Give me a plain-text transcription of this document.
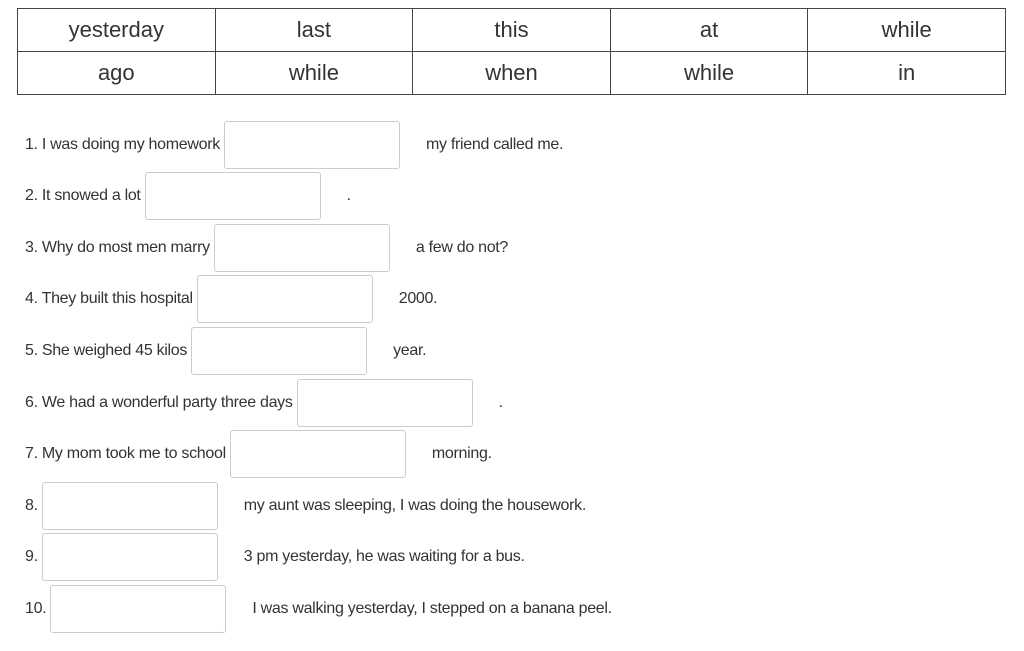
yesterday	last	this	at	while
ago	while	when	while	in
1. I was doing my homework	my friend called me.
2. It snowed a lot	.
3. Why do most men marry	a few do not?
4. They built this hospital	2000.
5. She weighed 45 kilos	year.
6. We had a wonderful party three days	.
7. My mom took me to school	morning.
8.	my aunt was sleeping, I was doing the housework.
9.	3 pm yesterday, he was waiting for a bus.
10.	I was walking yesterday, I stepped on a banana peel.
